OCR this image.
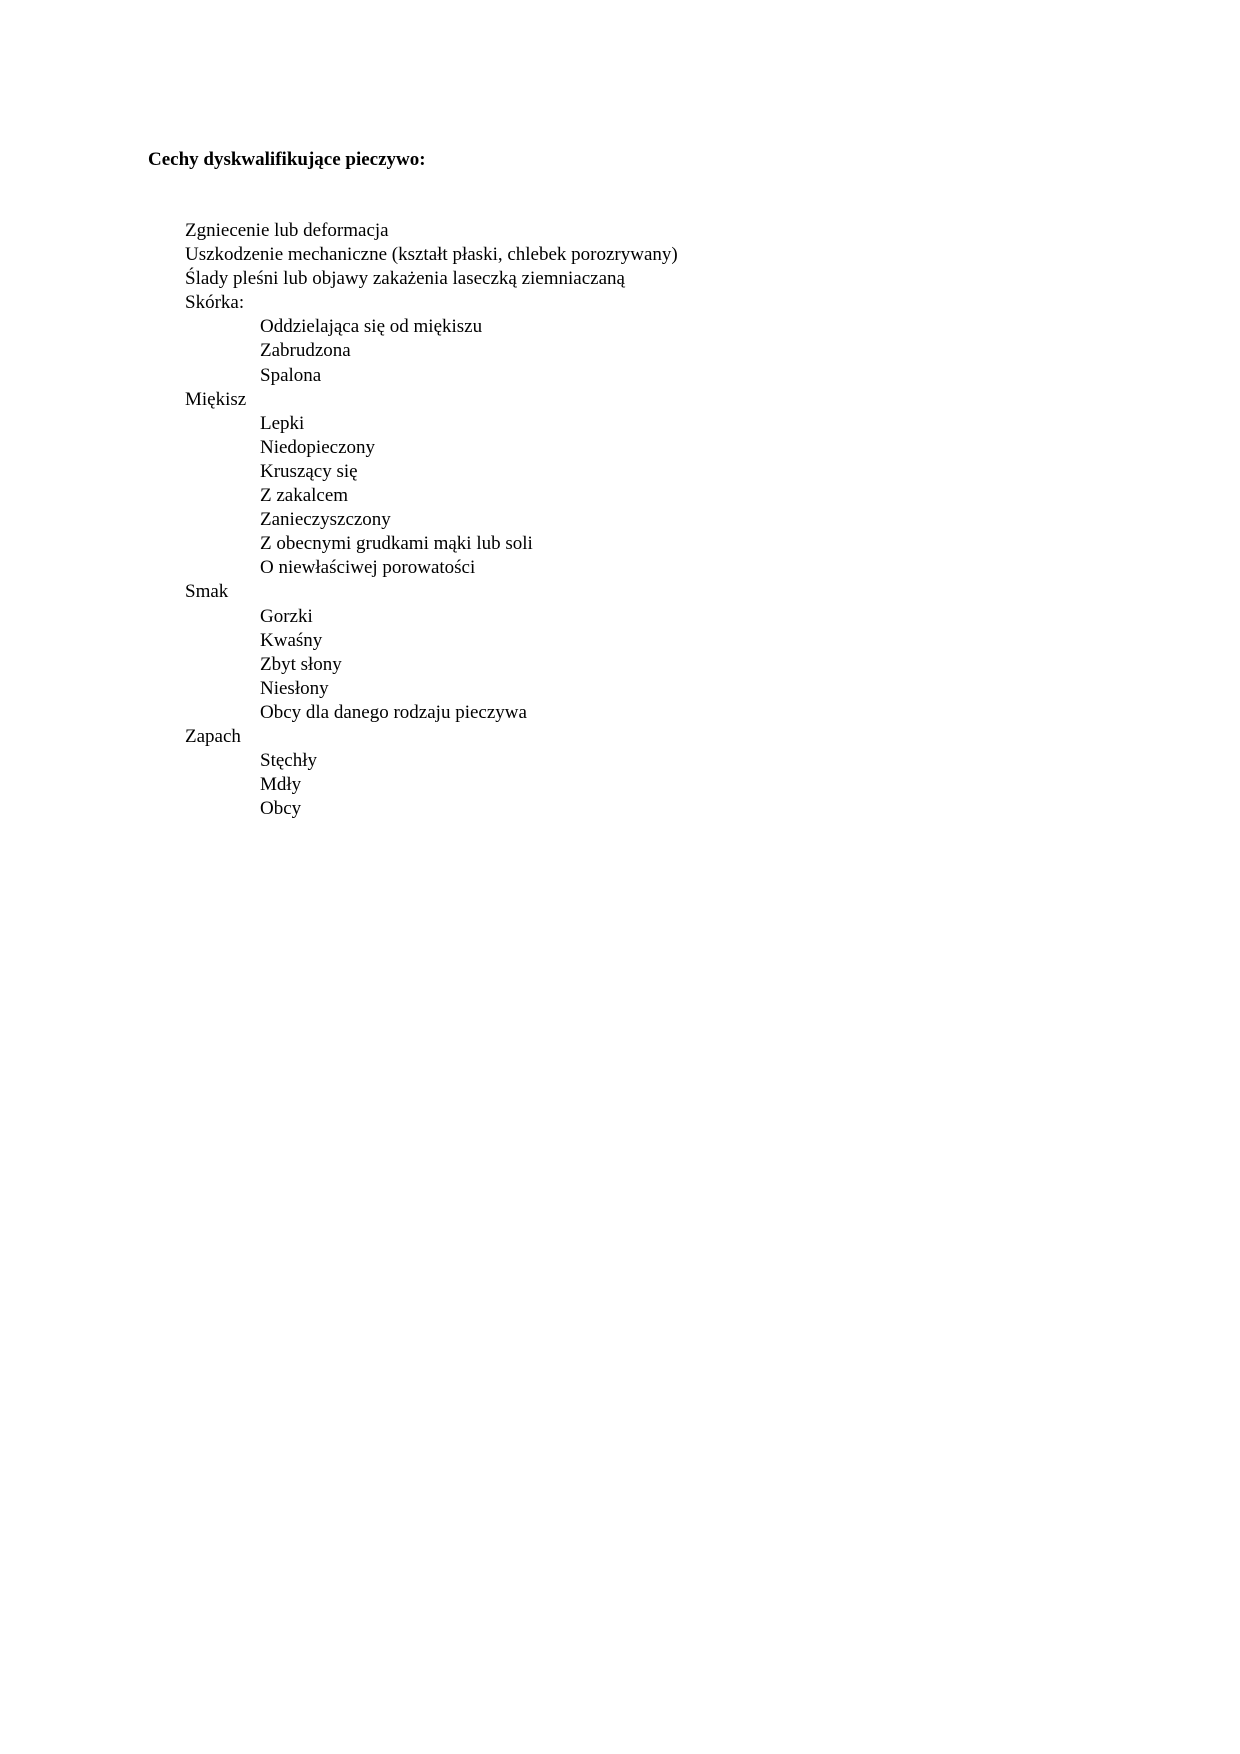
Cechy dyskwalifikujące pieczywo:
Zgniecenie lub deformacja
Uszkodzenie mechaniczne (kształt płaski, chlebek porozrywany)
Ślady pleśni lub objawy zakażenia laseczką ziemniaczaną
Skórka:
Oddzielająca się od miękiszu
Zabrudzona
Spalona
Miękisz
Lepki
Niedopieczony
Kruszący się
Z zakalcem
Zanieczyszczony
Z obecnymi grudkami mąki lub soli
O niewłaściwej porowatości
Smak
Gorzki
Kwaśny
Zbyt słony
Niesłony
Obcy dla danego rodzaju pieczywa
Zapach
Stęchły
Mdły
Obcy
